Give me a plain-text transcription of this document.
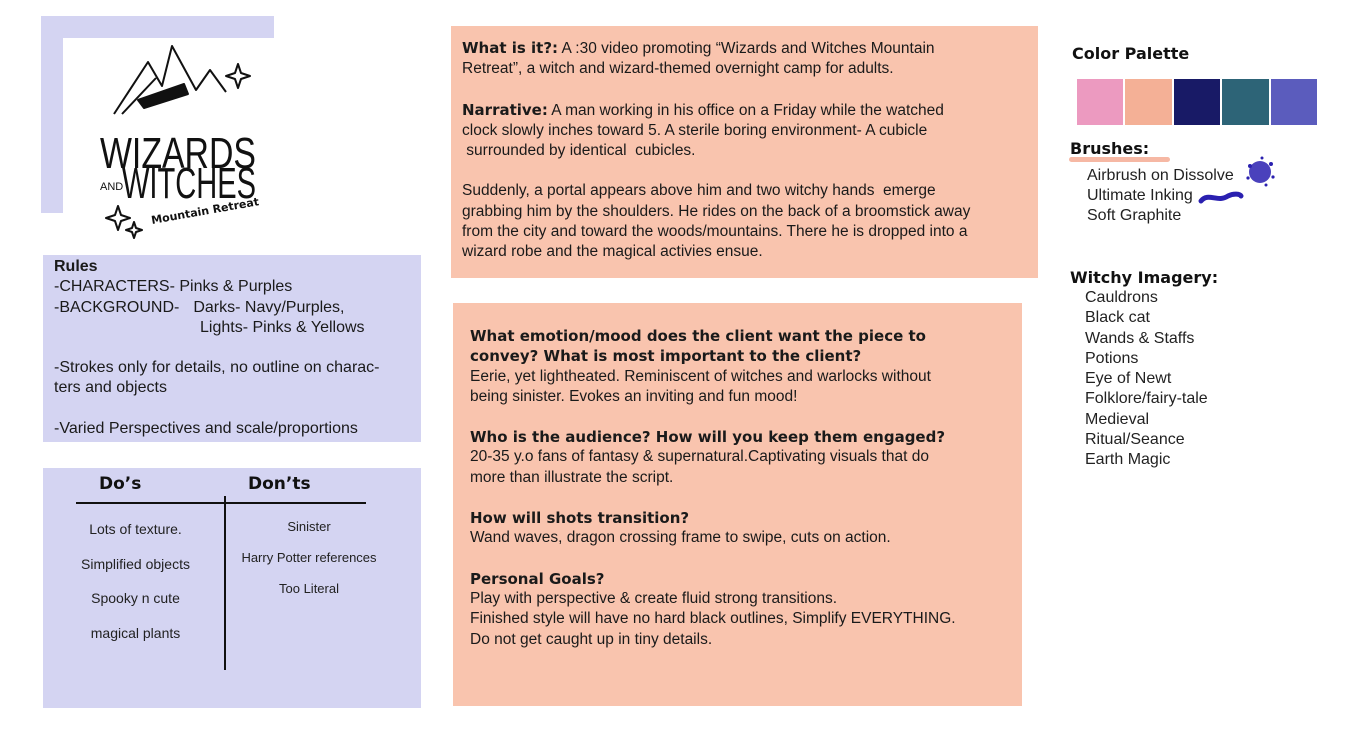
WIZARDS
AND
WITCHES
Mountain Retreat
Rules
-CHARACTERS- Pinks & Purples
-BACKGROUND- Darks- Navy/Purples,
Lights- Pinks & Yellows
-Strokes only for details, no outline on charac-
ters and objects
-Varied Perspectives and scale/proportions
Do’s	Don’ts
Lots of texture.
Simplified objects
Spooky n cute
magical plants
Sinister
Harry Potter references
Too Literal

What is it?: A :30 video promoting “Wizards and Witches Mountain

Retreat”, a witch and wizard-themed overnight camp for adults.

Narrative: A man working in his office on a Friday while the watched

clock slowly inches toward 5. A sterile boring environment- A cubicle

surrounded by identical  cubicles.

Suddenly, a portal appears above him and two witchy hands  emerge

grabbing him by the shoulders. He rides on the back of a broomstick away

from the city and toward the woods/mountains. There he is dropped into a

wizard robe and the magical activies ensue.

What emotion/mood does the client want the piece to

convey? What is most important to the client?

Eerie, yet lightheated. Reminiscent of witches and warlocks without

being sinister. Evokes an inviting and fun mood!

Who is the audience? How will you keep them engaged?

20-35 y.o fans of fantasy & supernatural.Captivating visuals that do

more than illustrate the script.

How will shots transition?

Wand waves, dragon crossing frame to swipe, cuts on action.

Personal Goals?

Play with perspective & create fluid strong transitions.

Finished style will have no hard black outlines, Simplify EVERYTHING.

Do not get caught up in tiny details.

Color Palette
Brushes:
Airbrush on Dissolve
Ultimate Inking
Soft Graphite
Witchy Imagery:
Cauldrons
Black cat
Wands & Staffs
Potions
Eye of Newt
Folklore/fairy-tale
Medieval
Ritual/Seance
Earth Magic
